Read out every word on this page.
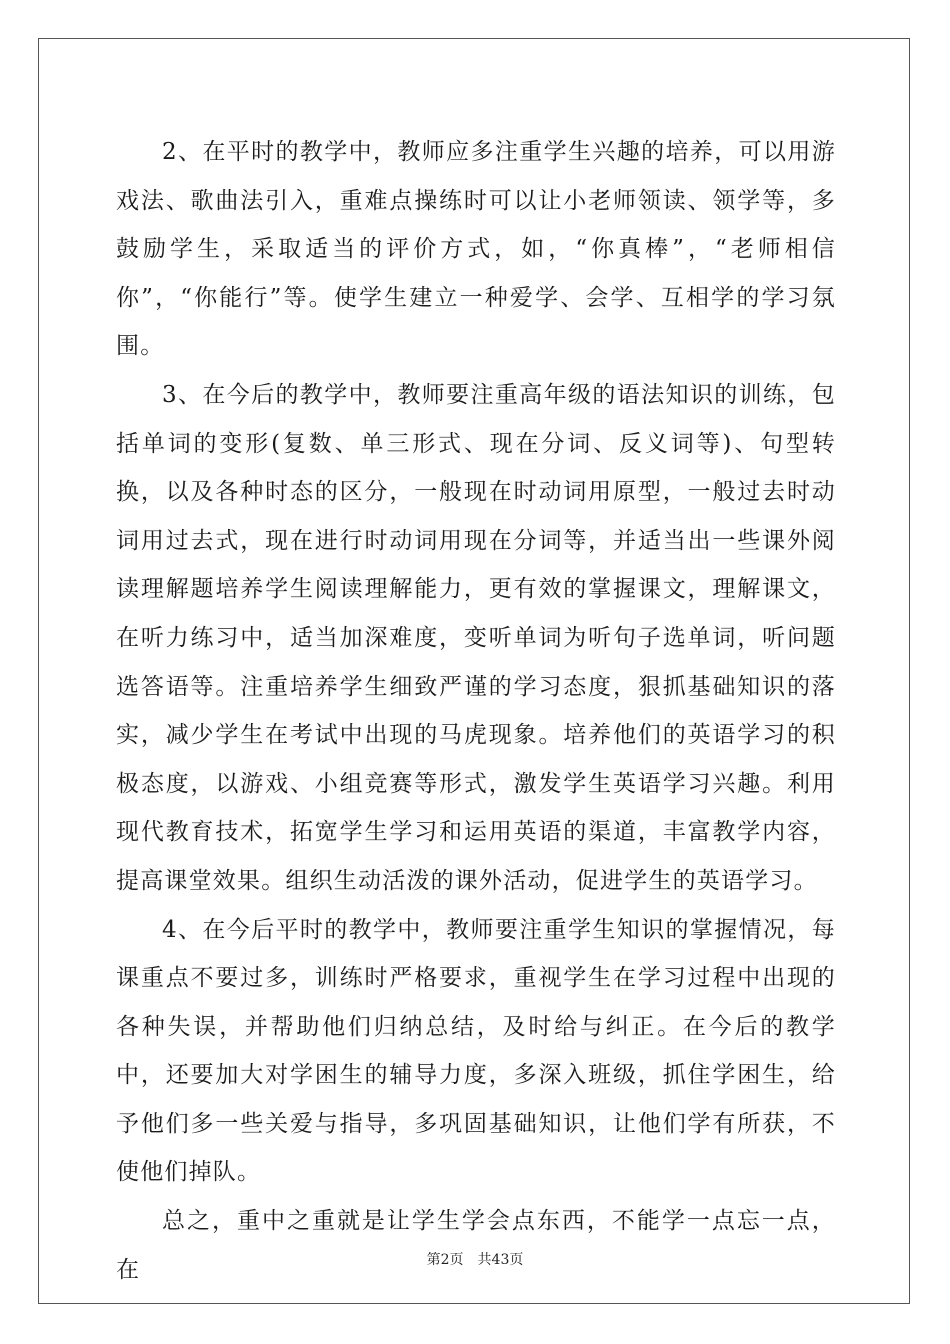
2、在平时的教学中，教师应多注重学生兴趣的培养，可以用游戏法、歌曲法引入，重难点操练时可以让小老师领读、领学等，多鼓励学生，采取适当的评价方式，如，“你真棒”，“老师相信你”，“你能行”等。使学生建立一种爱学、会学、互相学的学习氛围。

3、在今后的教学中，教师要注重高年级的语法知识的训练，包括单词的变形(复数、单三形式、现在分词、反义词等)、句型转换，以及各种时态的区分，一般现在时动词用原型，一般过去时动词用过去式，现在进行时动词用现在分词等，并适当出一些课外阅读理解题培养学生阅读理解能力，更有效的掌握课文，理解课文，在听力练习中，适当加深难度，变听单词为听句子选单词，听问题选答语等。注重培养学生细致严谨的学习态度，狠抓基础知识的落实，减少学生在考试中出现的马虎现象。培养他们的英语学习的积极态度，以游戏、小组竞赛等形式，激发学生英语学习兴趣。利用现代教育技术，拓宽学生学习和运用英语的渠道，丰富教学内容，提高课堂效果。组织生动活泼的课外活动，促进学生的英语学习。

4、在今后平时的教学中，教师要注重学生知识的掌握情况，每课重点不要过多，训练时严格要求，重视学生在学习过程中出现的各种失误，并帮助他们归纳总结，及时给与纠正。在今后的教学中，还要加大对学困生的辅导力度，多深入班级，抓住学困生，给予他们多一些关爱与指导，多巩固基础知识，让他们学有所获，不使他们掉队。

总之，重中之重就是让学生学会点东西，不能学一点忘一点，在	第2页　共43页
